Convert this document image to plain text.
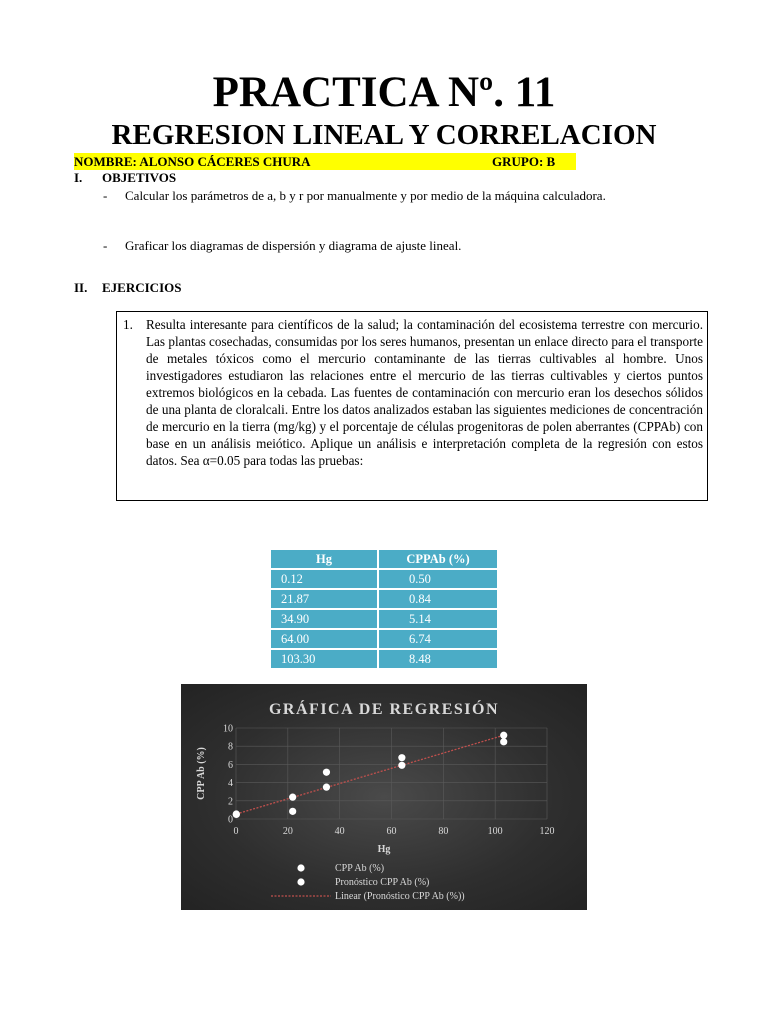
PRACTICA Nº. 11
REGRESION LINEAL Y CORRELACION
NOMBRE: ALONSO CÁCERES CHURA	GRUPO: B
I. OBJETIVOS
- Calcular los parámetros de a, b y r por manualmente y por medio de la máquina calculadora.
- Graficar los diagramas de dispersión y diagrama de ajuste lineal.
II. EJERCICIOS
1. Resulta interesante para científicos de la salud; la contaminación del ecosistema terrestre con mercurio. Las plantas cosechadas, consumidas por los seres humanos, presentan un enlace directo para el transporte de metales tóxicos como el mercurio contaminante de las tierras cultivables al hombre. Unos investigadores estudiaron las relaciones entre el mercurio de las tierras cultivables y ciertos puntos extremos biológicos en la cebada. Las fuentes de contaminación con mercurio eran los desechos sólidos de una planta de cloralcali. Entre los datos analizados estaban las siguientes mediciones de concentración de mercurio en la tierra (mg/kg) y el porcentaje de células progenitoras de polen aberrantes (CPPAb) con base en un análisis meiótico. Aplique un análisis e interpretación completa de la regresión con estos datos. Sea α=0.05 para todas las pruebas:
Hg	CPPAb (%)
0.12	0.50
21.87	0.84
34.90	5.14
64.00	6.74
103.30	8.48
GRÁFICA DE REGRESIÓN
0
2
4
6
8
10
0	20	40	60	80	100	120
Hg
CPP Ab (%)
CPP Ab (%)
Pronóstico CPP Ab (%)
Linear (Pronóstico CPP Ab (%))
